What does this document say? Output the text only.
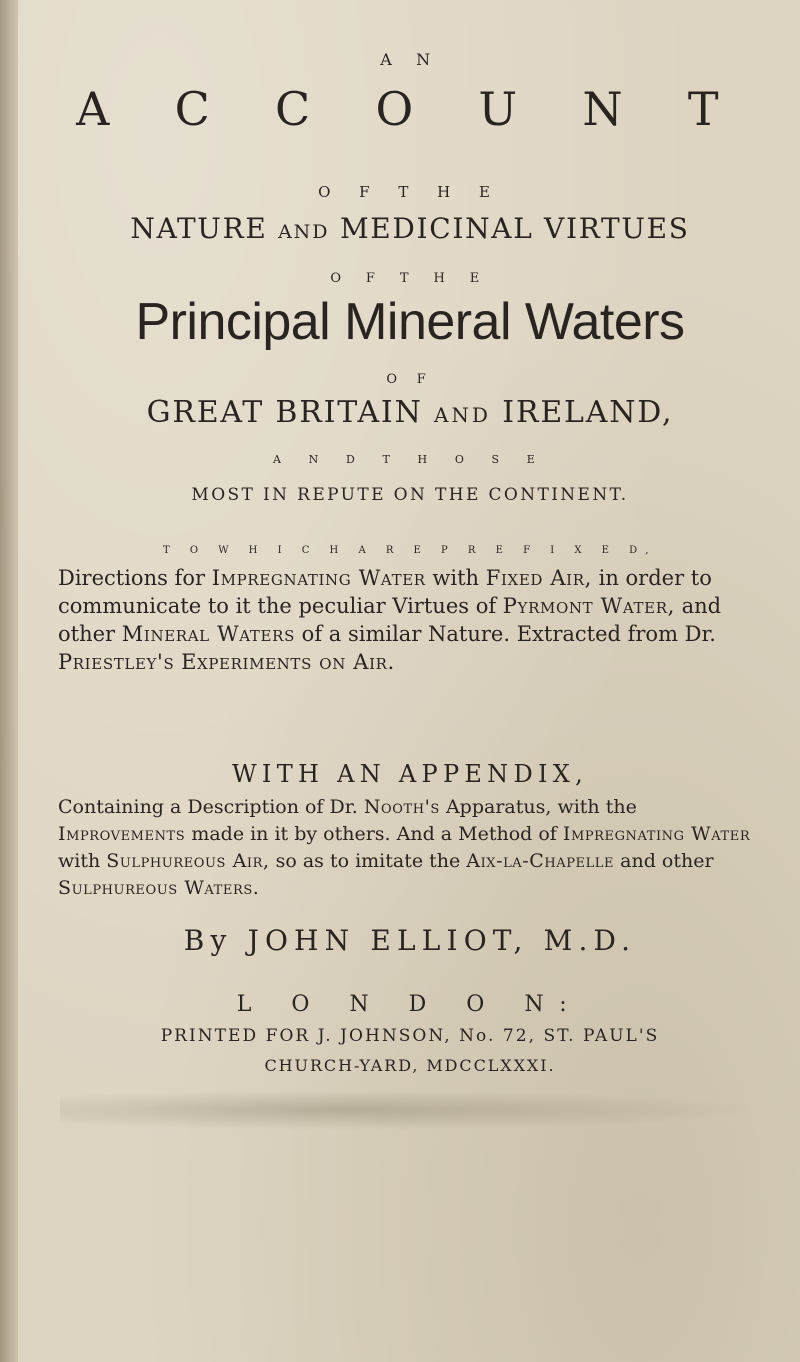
A N
A C C O U N T
O F T H E
NATURE AND MEDICINAL VIRTUES
O F T H E
Principal Mineral Waters
O F
GREAT BRITAIN AND IRELAND,
A N D T H O S E
MOST IN REPUTE ON THE CONTINENT.
T O W H I C H A R E P R E F I X E D,
Directions for Impregnating Water with Fixed Air, in order to communicate to it the peculiar Virtues of Pyrmont Water, and other Mineral Waters of a similar Nature. Extracted from Dr. Priestley's Experiments on Air.
WITH AN APPENDIX,
Containing a Description of Dr. Nooth's Apparatus, with the Improvements made in it by others. And a Method of Impregnating Water with Sulphureous Air, so as to imitate the Aix-la-Chapelle and other Sulphureous Waters.
By JOHN ELLIOT, M.D.
L O N D O N:
PRINTED FOR J. JOHNSON, No. 72, ST. PAUL'S
CHURCH-YARD, MDCCLXXXI.
